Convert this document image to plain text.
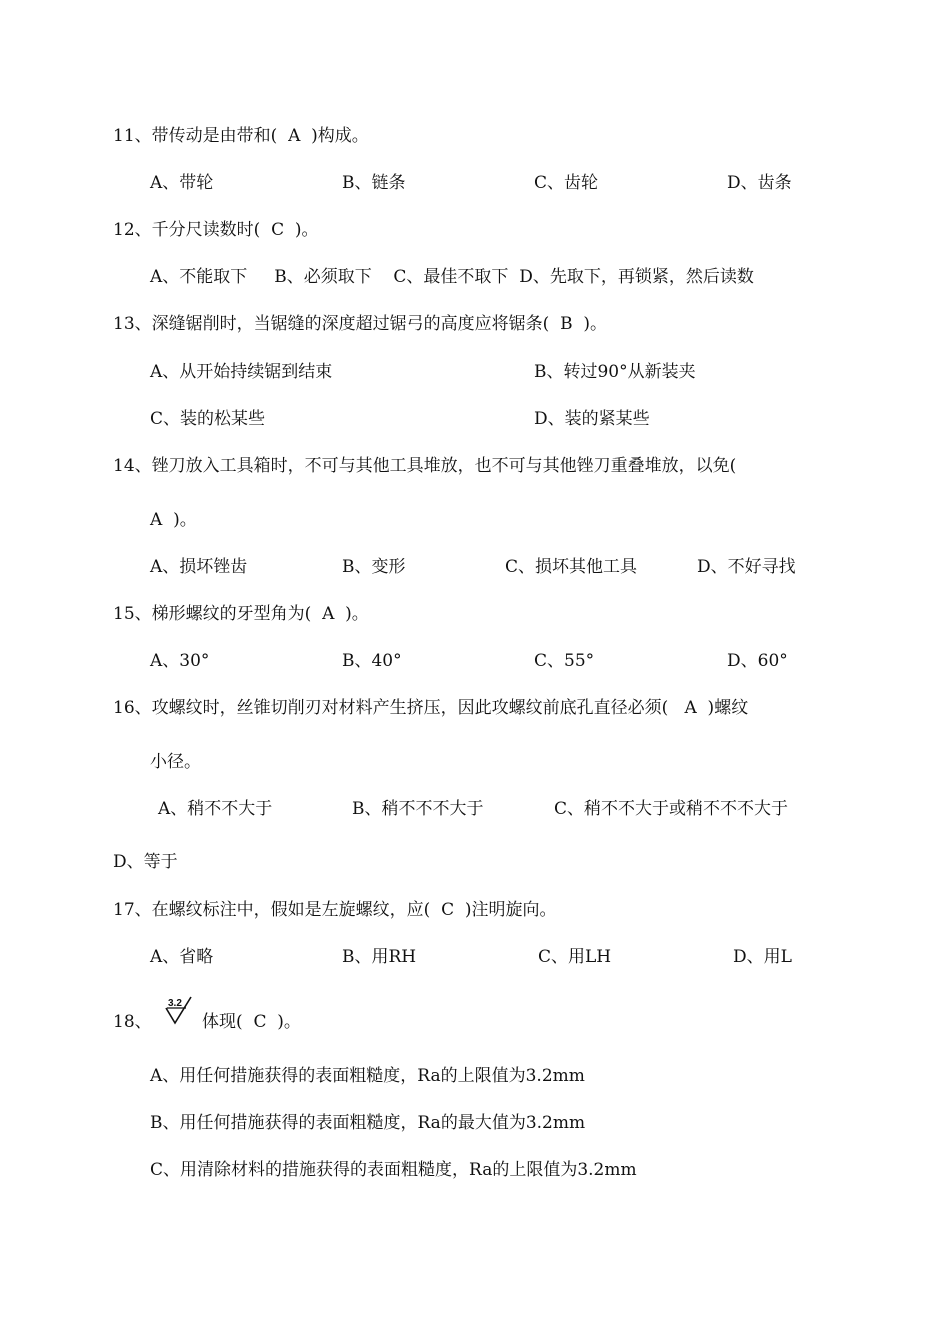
11、带传动是由带和(  A  )构成。
A、带轮	B、链条	C、齿轮	D、齿条
12、千分尺读数时(  C  )。
A、不能取下     B、必须取下    C、最佳不取下  D、先取下，再锁紧，然后读数
13、深缝锯削时，当锯缝的深度超过锯弓的高度应将锯条(  B  )。
A、从开始持续锯到结束	B、转过90°从新装夹
C、装的松某些	D、装的紧某些
14、锉刀放入工具箱时，不可与其他工具堆放，也不可与其他锉刀重叠堆放，以免(
A  )。
A、损坏锉齿	B、变形	C、损坏其他工具	D、不好寻找
15、梯形螺纹的牙型角为(  A  )。
A、30°	B、40°	C、55°	D、60°
16、攻螺纹时，丝锥切削刃对材料产生挤压，因此攻螺纹前底孔直径必须(   A  )螺纹
小径。
A、稍不不大于	B、稍不不不大于	C、稍不不大于或稍不不不大于
D、等于
17、在螺纹标注中，假如是左旋螺纹，应(  C  )注明旋向。
A、省略	B、用RH	C、用LH	D、用L
18、
3.2
体现(  C  )。
A、用任何措施获得的表面粗糙度，Ra的上限值为3.2mm
B、用任何措施获得的表面粗糙度，Ra的最大值为3.2mm
C、用清除材料的措施获得的表面粗糙度，Ra的上限值为3.2mm
